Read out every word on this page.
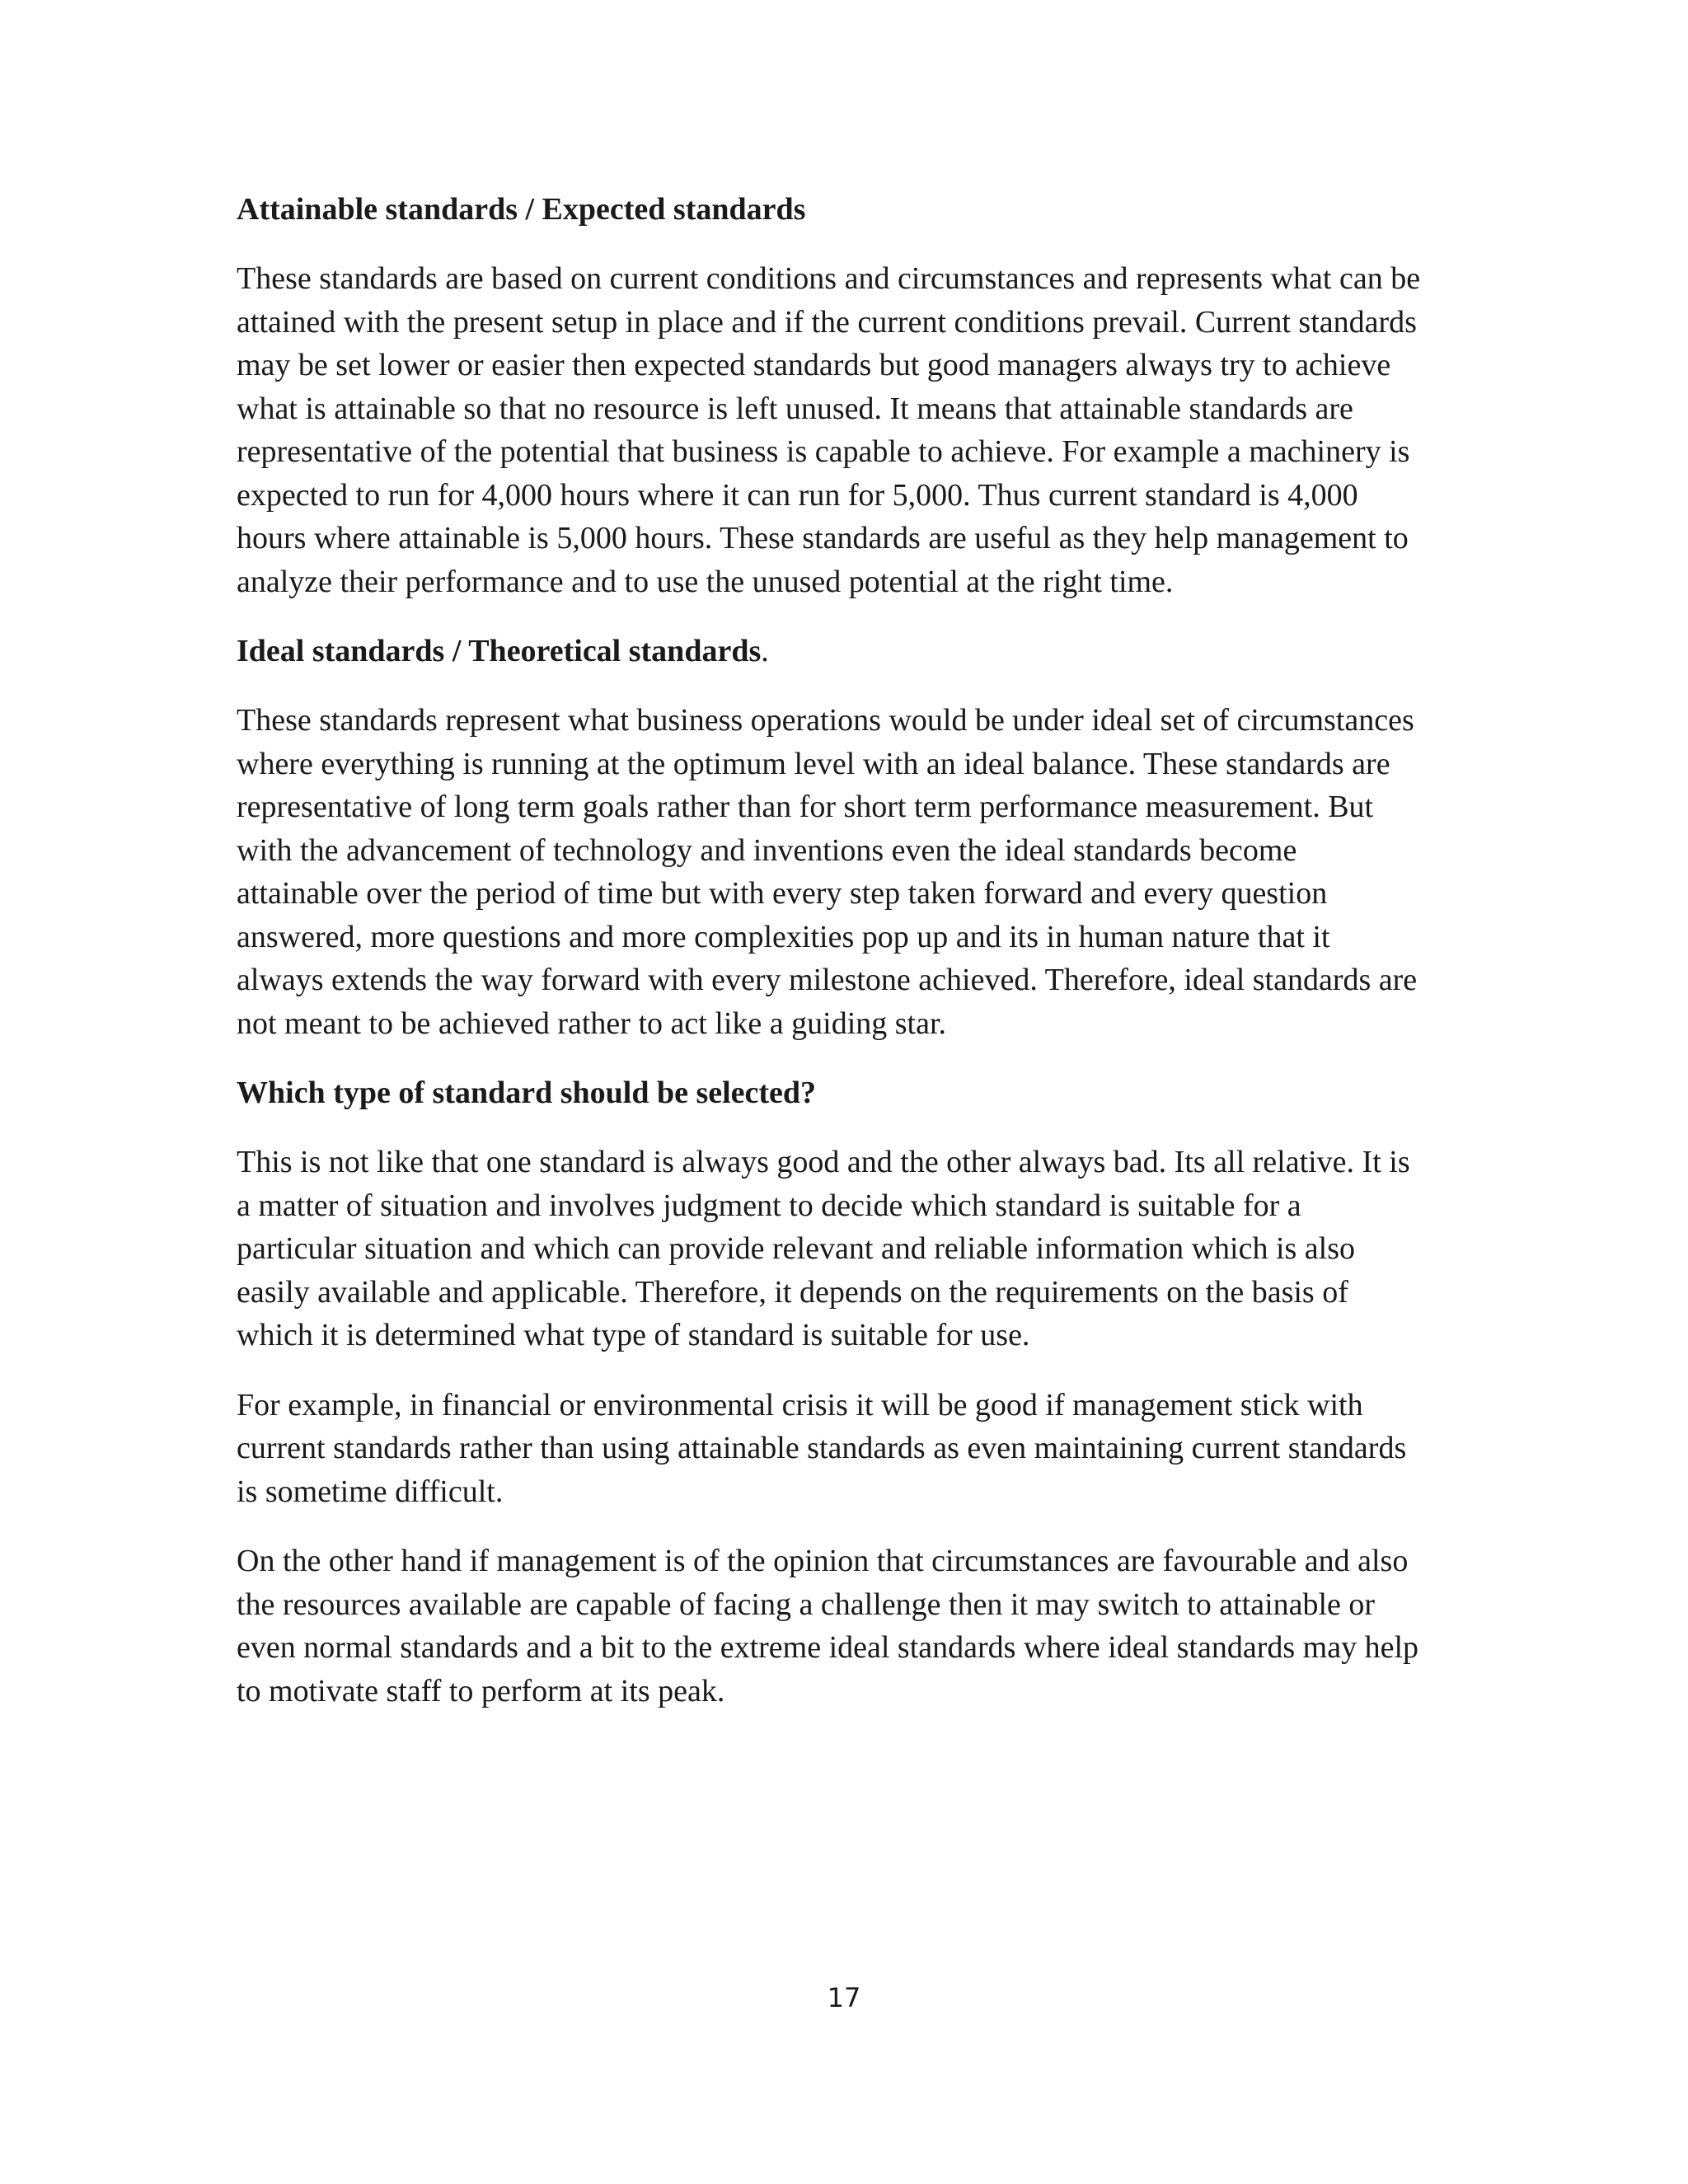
Attainable standards / Expected standards
These standards are based on current conditions and circumstances and represents what can be
attained with the present setup in place and if the current conditions prevail. Current standards
may be set lower or easier then expected standards but good managers always try to achieve
what is attainable so that no resource is left unused. It means that attainable standards are
representative of the potential that business is capable to achieve. For example a machinery is
expected to run for 4,000 hours where it can run for 5,000. Thus current standard is 4,000
hours where attainable is 5,000 hours. These standards are useful as they help management to
analyze their performance and to use the unused potential at the right time.
Ideal standards / Theoretical standards.
These standards represent what business operations would be under ideal set of circumstances
where everything is running at the optimum level with an ideal balance. These standards are
representative of long term goals rather than for short term performance measurement. But
with the advancement of technology and inventions even the ideal standards become
attainable over the period of time but with every step taken forward and every question
answered, more questions and more complexities pop up and its in human nature that it
always extends the way forward with every milestone achieved. Therefore, ideal standards are
not meant to be achieved rather to act like a guiding star.
Which type of standard should be selected?
This is not like that one standard is always good and the other always bad. Its all relative. It is
a matter of situation and involves judgment to decide which standard is suitable for a
particular situation and which can provide relevant and reliable information which is also
easily available and applicable. Therefore, it depends on the requirements on the basis of
which it is determined what type of standard is suitable for use.
For example, in financial or environmental crisis it will be good if management stick with
current standards rather than using attainable standards as even maintaining current standards
is sometime difficult.
On the other hand if management is of the opinion that circumstances are favourable and also
the resources available are capable of facing a challenge then it may switch to attainable or
even normal standards and a bit to the extreme ideal standards where ideal standards may help
to motivate staff to perform at its peak.
17
